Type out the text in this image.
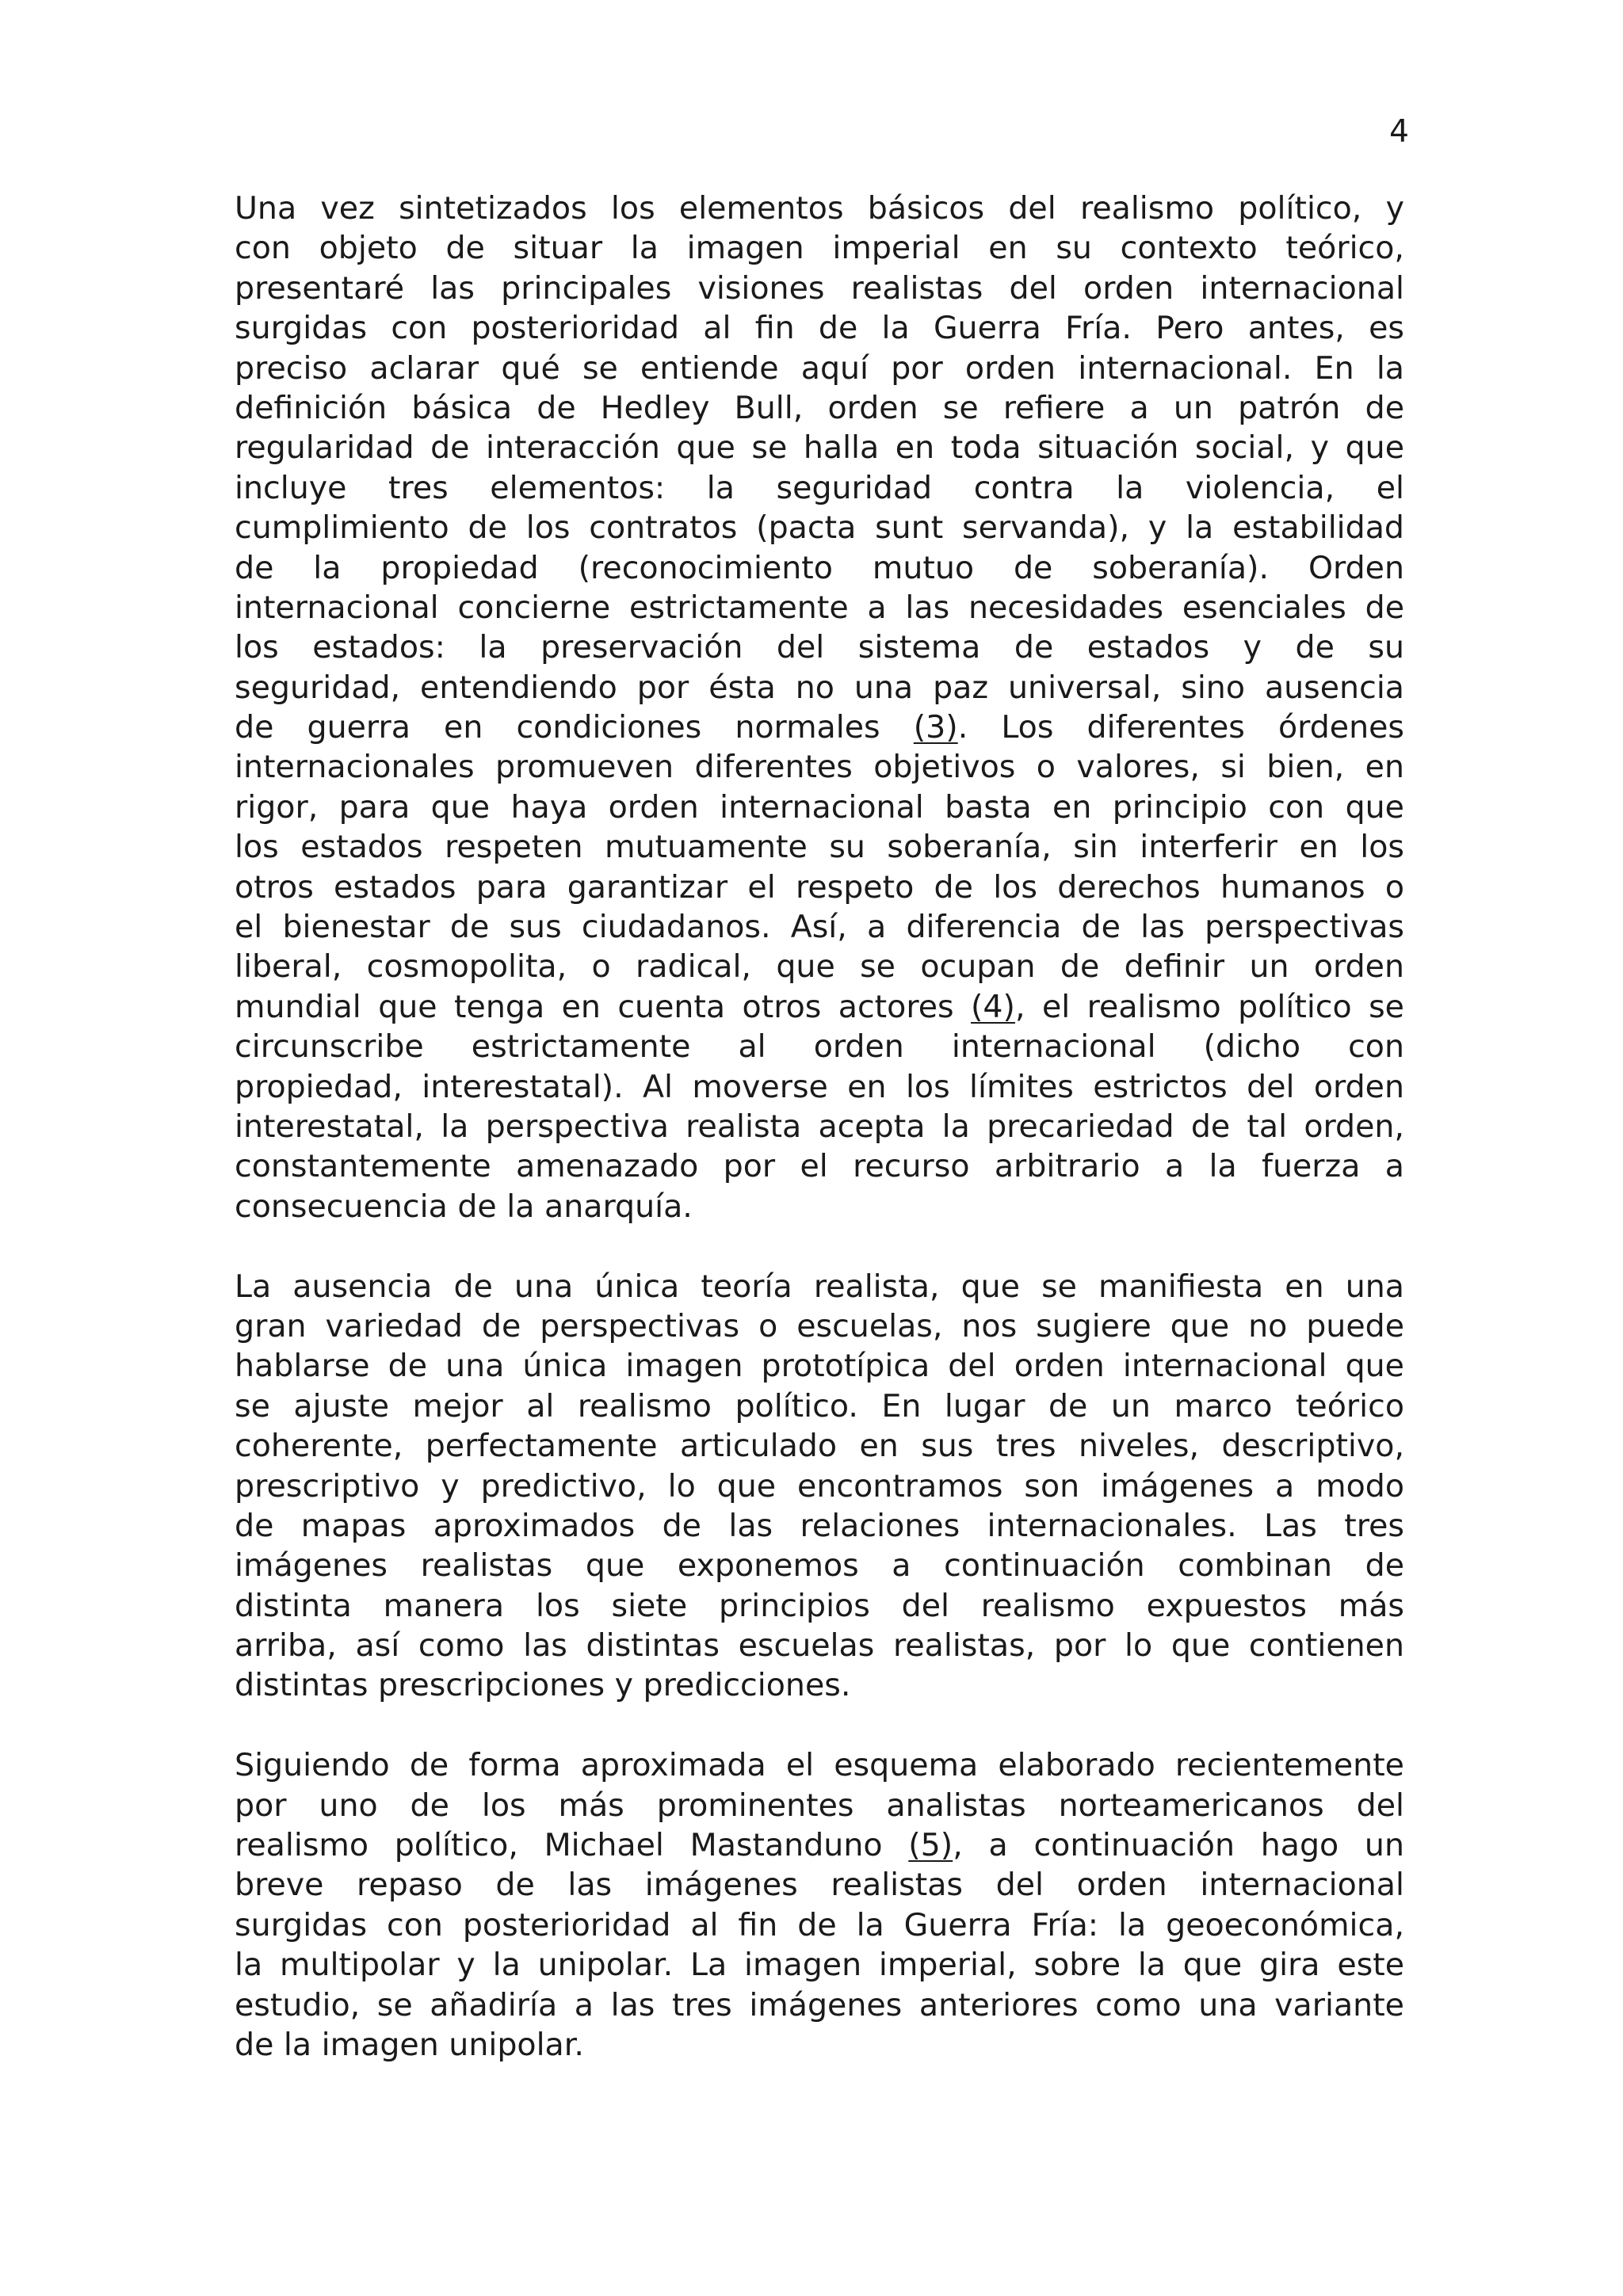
4
Una vez sintetizados los elementos básicos del realismo político, y
con objeto de situar la imagen imperial en su contexto teórico,
presentaré las principales visiones realistas del orden internacional
surgidas con posterioridad al fin de la Guerra Fría. Pero antes, es
preciso aclarar qué se entiende aquí por orden internacional. En la
definición básica de Hedley Bull, orden se refiere a un patrón de
regularidad de interacción que se halla en toda situación social, y que
incluye tres elementos: la seguridad contra la violencia, el
cumplimiento de los contratos (pacta sunt servanda), y la estabilidad
de la propiedad (reconocimiento mutuo de soberanía). Orden
internacional concierne estrictamente a las necesidades esenciales de
los estados: la preservación del sistema de estados y de su
seguridad, entendiendo por ésta no una paz universal, sino ausencia
de guerra en condiciones normales (3). Los diferentes órdenes
internacionales promueven diferentes objetivos o valores, si bien, en
rigor, para que haya orden internacional basta en principio con que
los estados respeten mutuamente su soberanía, sin interferir en los
otros estados para garantizar el respeto de los derechos humanos o
el bienestar de sus ciudadanos. Así, a diferencia de las perspectivas
liberal, cosmopolita, o radical, que se ocupan de definir un orden
mundial que tenga en cuenta otros actores (4), el realismo político se
circunscribe estrictamente al orden internacional (dicho con
propiedad, interestatal). Al moverse en los límites estrictos del orden
interestatal, la perspectiva realista acepta la precariedad de tal orden,
constantemente amenazado por el recurso arbitrario a la fuerza a
consecuencia de la anarquía.
La ausencia de una única teoría realista, que se manifiesta en una
gran variedad de perspectivas o escuelas, nos sugiere que no puede
hablarse de una única imagen prototípica del orden internacional que
se ajuste mejor al realismo político. En lugar de un marco teórico
coherente, perfectamente articulado en sus tres niveles, descriptivo,
prescriptivo y predictivo, lo que encontramos son imágenes a modo
de mapas aproximados de las relaciones internacionales. Las tres
imágenes realistas que exponemos a continuación combinan de
distinta manera los siete principios del realismo expuestos más
arriba, así como las distintas escuelas realistas, por lo que contienen
distintas prescripciones y predicciones.
Siguiendo de forma aproximada el esquema elaborado recientemente
por uno de los más prominentes analistas norteamericanos del
realismo político, Michael Mastanduno (5), a continuación hago un
breve repaso de las imágenes realistas del orden internacional
surgidas con posterioridad al fin de la Guerra Fría: la geoeconómica,
la multipolar y la unipolar. La imagen imperial, sobre la que gira este
estudio, se añadiría a las tres imágenes anteriores como una variante
de la imagen unipolar.
